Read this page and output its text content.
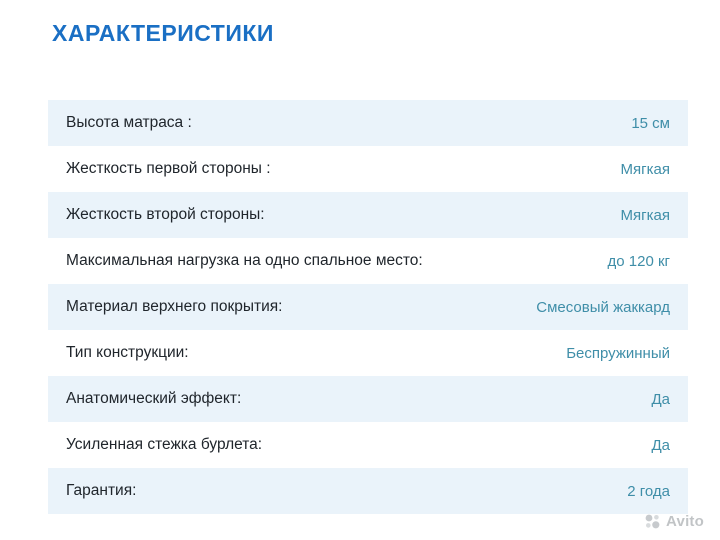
ХАРАКТЕРИСТИКИ
Высота матраса :	15 см
Жесткость первой стороны :	Мягкая
Жесткость второй стороны:	Мягкая
Максимальная нагрузка на одно спальное место:	до 120 кг
Материал верхнего покрытия:	Смесовый жаккард
Тип конструкции:	Беспружинный
Анатомический эффект:	Да
Усиленная стежка бурлета:	Да
Гарантия:	2 года
Avito
